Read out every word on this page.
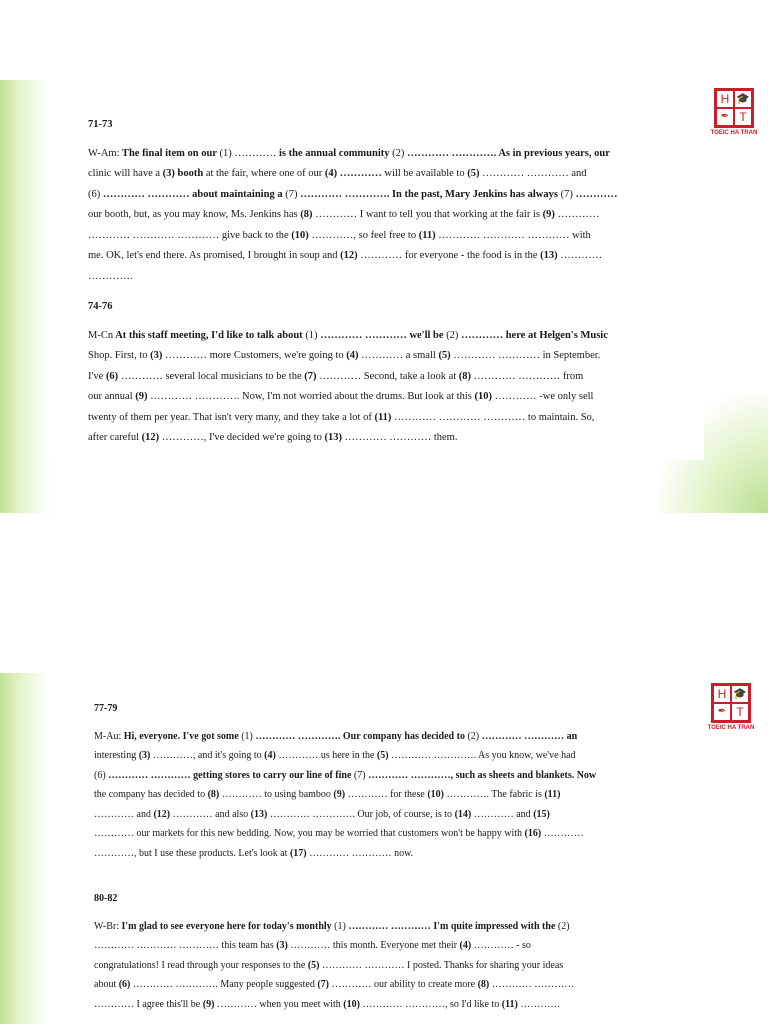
H 🎓
✒ T
TOEIC HA TRAN
71-73

W-Am: The final item on our (1) ………… is the annual community (2) ………… …………. As in previous years, our

clinic will have a (3) booth at the fair, where one of our (4) ………… will be available to (5) ………… ………… and

(6) ………… ………… about maintaining a (7) ………… …………. In the past, Mary Jenkins has always (7) …………

our booth, but, as you may know, Ms. Jenkins has (8) ………… I want to tell you that working at the fair is (9) …………

………… ………… ………… give back to the (10) …………, so feel free to (11) ………… ………… ………… with

me. OK, let's end there. As promised, I brought in soup and (12) ………… for everyone - the food is in the (13) …………

………….

74-76

M-Cn At this staff meeting, I'd like to talk about (1) ………… ………… we'll be (2) ………… here at Helgen's Music

Shop. First, to (3) ………… more Customers, we're going to (4) ………… a small (5) ………… ………… in September.

I've (6) ………… several local musicians to be the (7) ………… Second, take a look at (8) ………… ………… from

our annual (9) ………… …………. Now, I'm not worried about the drums. But look at this (10) ………… -we only sell

twenty of them per year. That isn't very many, and they take a lot of (11) ………… ………… ………… to maintain. So,

after careful (12) …………, I've decided we're going to (13) ………… ………… them.

H 🎓
✒ T
TOEIC HA TRAN
77-79

M-Au: Hi, everyone. I've got some (1) ………… …………. Our company has decided to (2) ………… ………… an

interesting (3) …………, and it's going to (4) ………… us here in the (5) ………… …………. As you know, we've had

(6) ………… ………… getting stores to carry our line of fine (7) ………… …………, such as sheets and blankets. Now

the company has decided to (8) ………… to using bamboo (9) ………… for these (10) …………. The fabric is (11)

………… and (12) ………… and also (13) ………… …………. Our job, of course, is to (14) ………… and (15)

………… our markets for this new bedding. Now, you may be worried that customers won't be happy with (16) …………

…………, but I use these products. Let's look at (17) ………… ………… now.

80-82

W-Br: I'm glad to see everyone here for today's monthly (1) ………… ………… I'm quite impressed with the (2)

………… ………… ………… this team has (3) ………… this month. Everyone met their (4) ………… - so

congratulations! I read through your responses to the (5) ………… ………… I posted. Thanks for sharing your ideas

about (6) ………… …………. Many people suggested (7) ………… our ability to create more (8) ………… …………

………… I agree this'll be (9) ………… when you meet with (10) ………… …………, so I'd like to (11) …………
